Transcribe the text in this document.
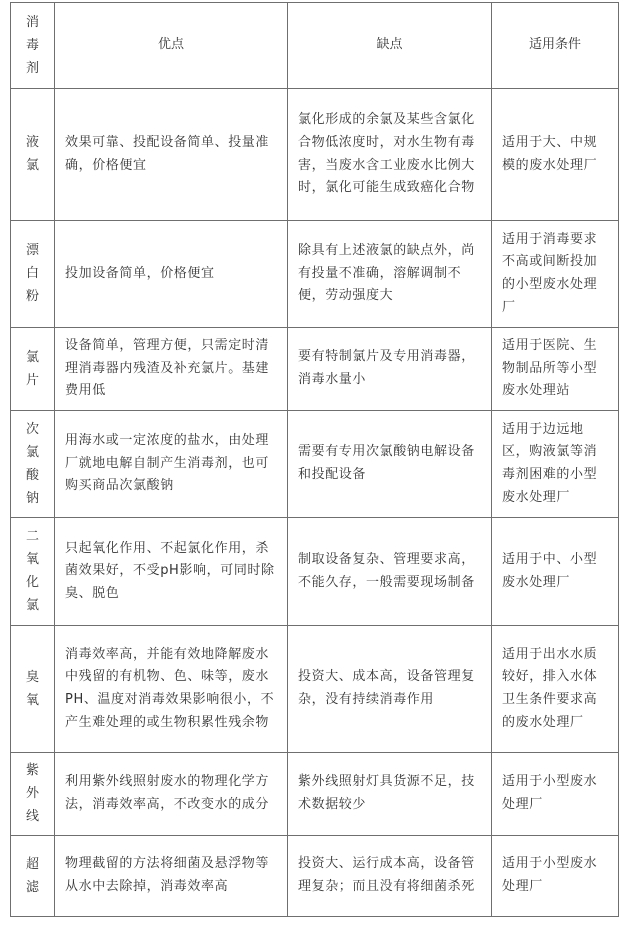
消毒剂	优点	缺点	适用条件
液氯	效果可靠、投配设备简单、投量准确，价格便宜	氯化形成的余氯及某些含氯化合物低浓度时，对水生物有毒害，当废水含工业废水比例大时，氯化可能生成致癌化合物	适用于大、中规模的废水处理厂
漂白粉	投加设备简单，价格便宜	除具有上述液氯的缺点外，尚有投量不准确，溶解调制不便，劳动强度大	适用于消毒要求不高或间断投加的小型废水处理厂
氯片	设备简单，管理方便，只需定时清理消毒器内残渣及补充氯片。基建费用低	要有特制氯片及专用消毒器，消毒水量小	适用于医院、生物制品所等小型废水处理站
次氯酸钠	用海水或一定浓度的盐水，由处理厂就地电解自制产生消毒剂，也可购买商品次氯酸钠	需要有专用次氯酸钠电解设备和投配设备	适用于边远地区，购液氯等消毒剂困难的小型废水处理厂
二氧化氯	只起氧化作用、不起氯化作用，杀菌效果好，不受pH影响，可同时除臭、脱色	制取设备复杂、管理要求高，不能久存，一般需要现场制备	适用于中、小型废水处理厂
臭氧	消毒效率高，并能有效地降解废水中残留的有机物、色、味等，废水PH、温度对消毒效果影响很小，不产生难处理的或生物积累性残余物	投资大、成本高，设备管理复杂，没有持续消毒作用	适用于出水水质较好，排入水体卫生条件要求高的废水处理厂
紫外线	利用紫外线照射废水的物理化学方法，消毒效率高，不改变水的成分	紫外线照射灯具货源不足，技术数据较少	适用于小型废水处理厂
超滤	物理截留的方法将细菌及悬浮物等从水中去除掉，消毒效率高	投资大、运行成本高，设备管理复杂；而且没有将细菌杀死	适用于小型废水处理厂
